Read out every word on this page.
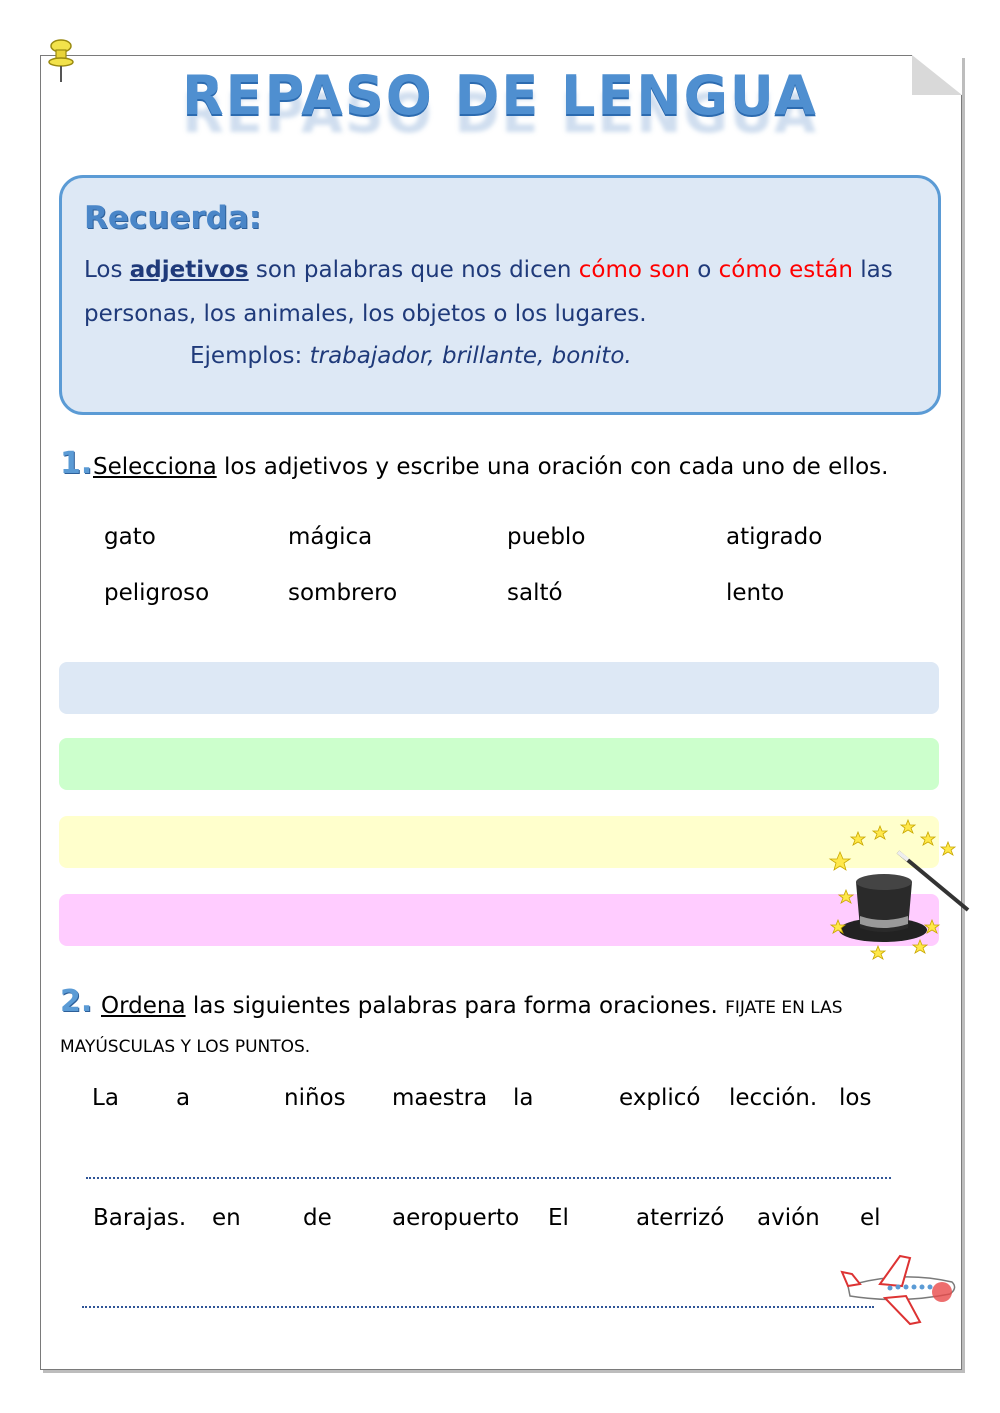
REPASO DE LENGUA
Recuerda:
Los adjetivos son palabras que nos dicen cómo son o cómo están las
personas, los animales, los objetos o los lugares.
Ejemplos: trabajador, brillante, bonito.
1. Selecciona los adjetivos y escribe una oración con cada uno de ellos.
gato	mágica	pueblo	atigrado
peligroso	sombrero	saltó	lento
2. Ordena las siguientes palabras para forma oraciones. FIJATE EN LAS
MAYÚSCULAS Y LOS PUNTOS.
La a	niños maestra la	explicó lección. los
Barajas. en	de	aeropuerto El	aterrizó avión el
